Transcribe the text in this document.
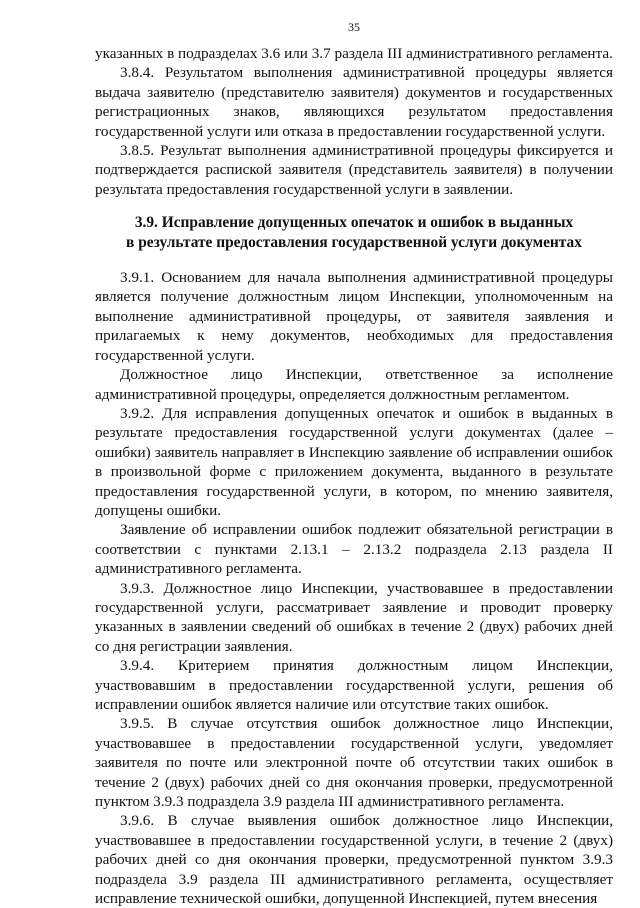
35

указанных в подразделах 3.6 или 3.7 раздела III административного регламента.

3.8.4. Результатом выполнения административной процедуры является выдача заявителю (представителю заявителя) документов и государственных регистрационных знаков, являющихся результатом предоставления государственной услуги или отказа в предоставлении государственной услуги.

3.8.5. Результат выполнения административной процедуры фиксируется и подтверждается распиской заявителя (представитель заявителя) в получении результата предоставления государственной услуги в заявлении.

3.9. Исправление допущенных опечаток и ошибок в выданных
в результате предоставления государственной услуги документах

3.9.1. Основанием для начала выполнения административной процедуры является получение должностным лицом Инспекции, уполномоченным на выполнение административной процедуры, от заявителя заявления и прилагаемых к нему документов, необходимых для предоставления государственной услуги.

Должностное лицо Инспекции, ответственное за исполнение административной процедуры, определяется должностным регламентом.

3.9.2. Для исправления допущенных опечаток и ошибок в выданных в результате предоставления государственной услуги документах (далее – ошибки) заявитель направляет в Инспекцию заявление об исправлении ошибок в произвольной форме с приложением документа, выданного в результате предоставления государственной услуги, в котором, по мнению заявителя, допущены ошибки.

Заявление об исправлении ошибок подлежит обязательной регистрации в соответствии с пунктами 2.13.1 – 2.13.2 подраздела 2.13 раздела II административного регламента.

3.9.3. Должностное лицо Инспекции, участвовавшее в предоставлении государственной услуги, рассматривает заявление и проводит проверку указанных в заявлении сведений об ошибках в течение 2 (двух) рабочих дней со дня регистрации заявления.

3.9.4. Критерием принятия должностным лицом Инспекции, участвовавшим в предоставлении государственной услуги, решения об исправлении ошибок является наличие или отсутствие таких ошибок.

3.9.5. В случае отсутствия ошибок должностное лицо Инспекции, участвовавшее в предоставлении государственной услуги, уведомляет заявителя по почте или электронной почте об отсутствии таких ошибок в течение 2 (двух) рабочих дней со дня окончания проверки, предусмотренной пунктом 3.9.3 подраздела 3.9 раздела III административного регламента.

3.9.6. В случае выявления ошибок должностное лицо Инспекции, участвовавшее в предоставлении государственной услуги, в течение 2 (двух) рабочих дней со дня окончания проверки, предусмотренной пунктом 3.9.3 подраздела 3.9 раздела III административного регламента, осуществляет исправление технической ошибки, допущенной Инспекцией, путем внесения
